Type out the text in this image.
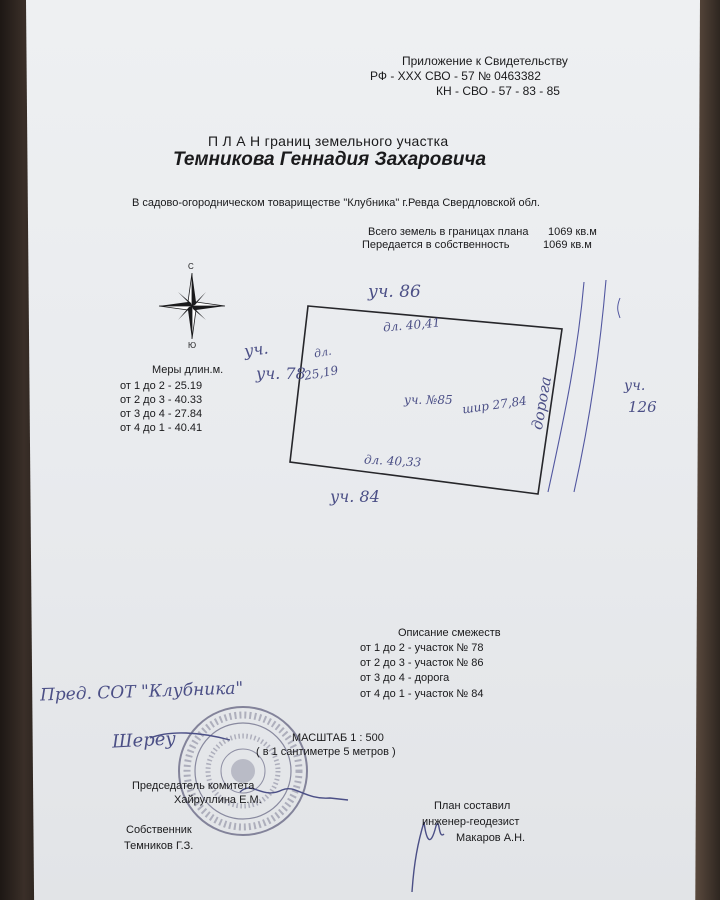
Приложение к Свидетельству
РФ - XXX СВО - 57 № 0463382
КН - СВО - 57 - 83 - 85
П Л А Н границ земельного участка
Темникова Геннадия Захаровича
В садово-огородническом товариществе "Клубника" г.Ревда Свердловской обл.
Всего земель в границах плана 1069 кв.м
Передается в собственность	1069 кв.м
С
Ю
Меры длин.м.
от 1 до 2 - 25.19
от 2 до 3 - 40.33
от 3 до 4 - 27.84
от 4 до 1 - 40.41
уч. 86
дл. 40,41
уч.
уч. 78
дл.
25,19
уч. №85 шир 27,84
дл. 40,33
уч. 84
дорога	уч.
126
Описание смежеств
от 1 до 2 - участок № 78
от 2 до 3 - участок № 86
от 3 до 4 - дорога
от 4 до 1 - участок № 84
Пред. СОТ "Клубника"
Шереу	МАСШТАБ 1 : 500
( в 1 сантиметре 5 метров )
Председатель комитета
Хайруллина Е.М.
Собственник
Темников Г.З.
План составил
инженер-геодезист
Макаров А.Н.
